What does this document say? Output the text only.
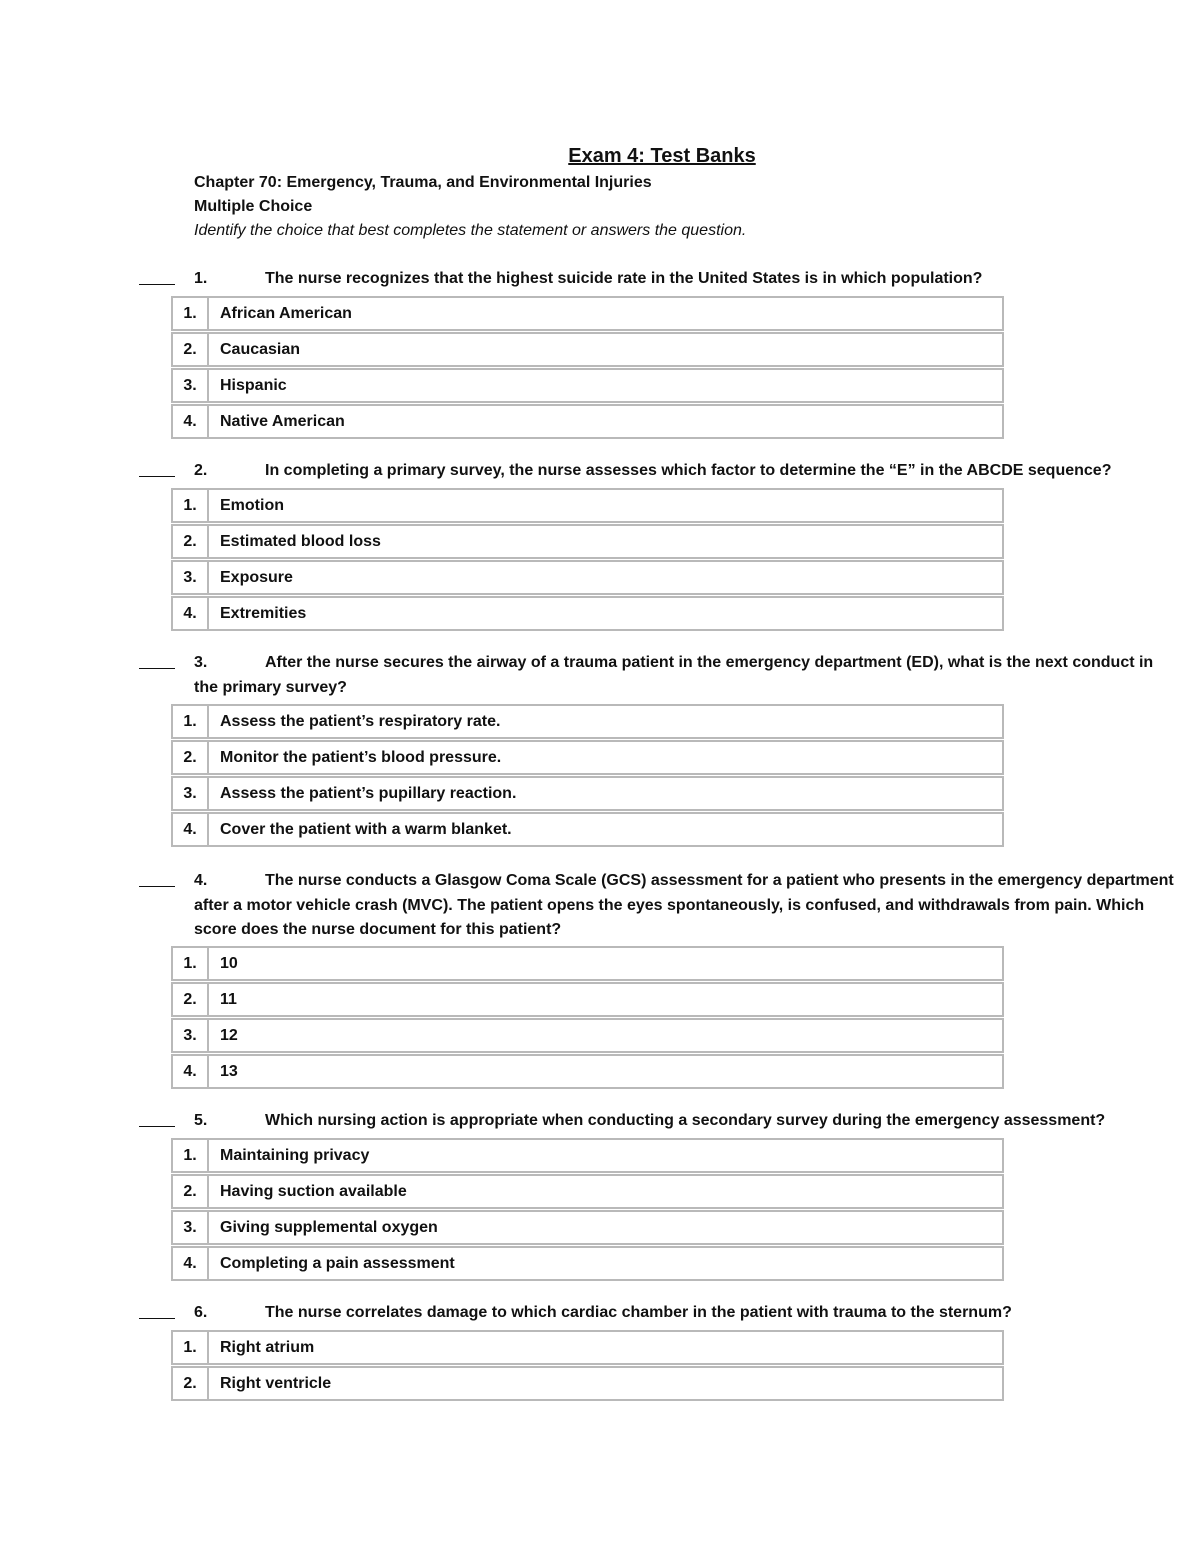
Exam 4: Test Banks
Chapter 70: Emergency, Trauma, and Environmental Injuries
Multiple Choice
Identify the choice that best completes the statement or answers the question.
1.	The nurse recognizes that the highest suicide rate in the United States is in which population?
1.	African American
2.	Caucasian
3.	Hispanic
4.	Native American
2.	In completing a primary survey, the nurse assesses which factor to determine the “E” in the ABCDE sequence?
1.	Emotion
2.	Estimated blood loss
3.	Exposure
4.	Extremities
3.	After the nurse secures the airway of a trauma patient in the emergency department (ED), what is the next conduct in
the primary survey?
1.	Assess the patient’s respiratory rate.
2.	Monitor the patient’s blood pressure.
3.	Assess the patient’s pupillary reaction.
4.	Cover the patient with a warm blanket.
4.	The nurse conducts a Glasgow Coma Scale (GCS) assessment for a patient who presents in the emergency department
after a motor vehicle crash (MVC). The patient opens the eyes spontaneously, is confused, and withdrawals from pain. Which
score does the nurse document for this patient?
1.	10
2.	11
3.	12
4.	13
5.	Which nursing action is appropriate when conducting a secondary survey during the emergency assessment?
1.	Maintaining privacy
2.	Having suction available
3.	Giving supplemental oxygen
4.	Completing a pain assessment
6.	The nurse correlates damage to which cardiac chamber in the patient with trauma to the sternum?
1.	Right atrium
2.	Right ventricle
